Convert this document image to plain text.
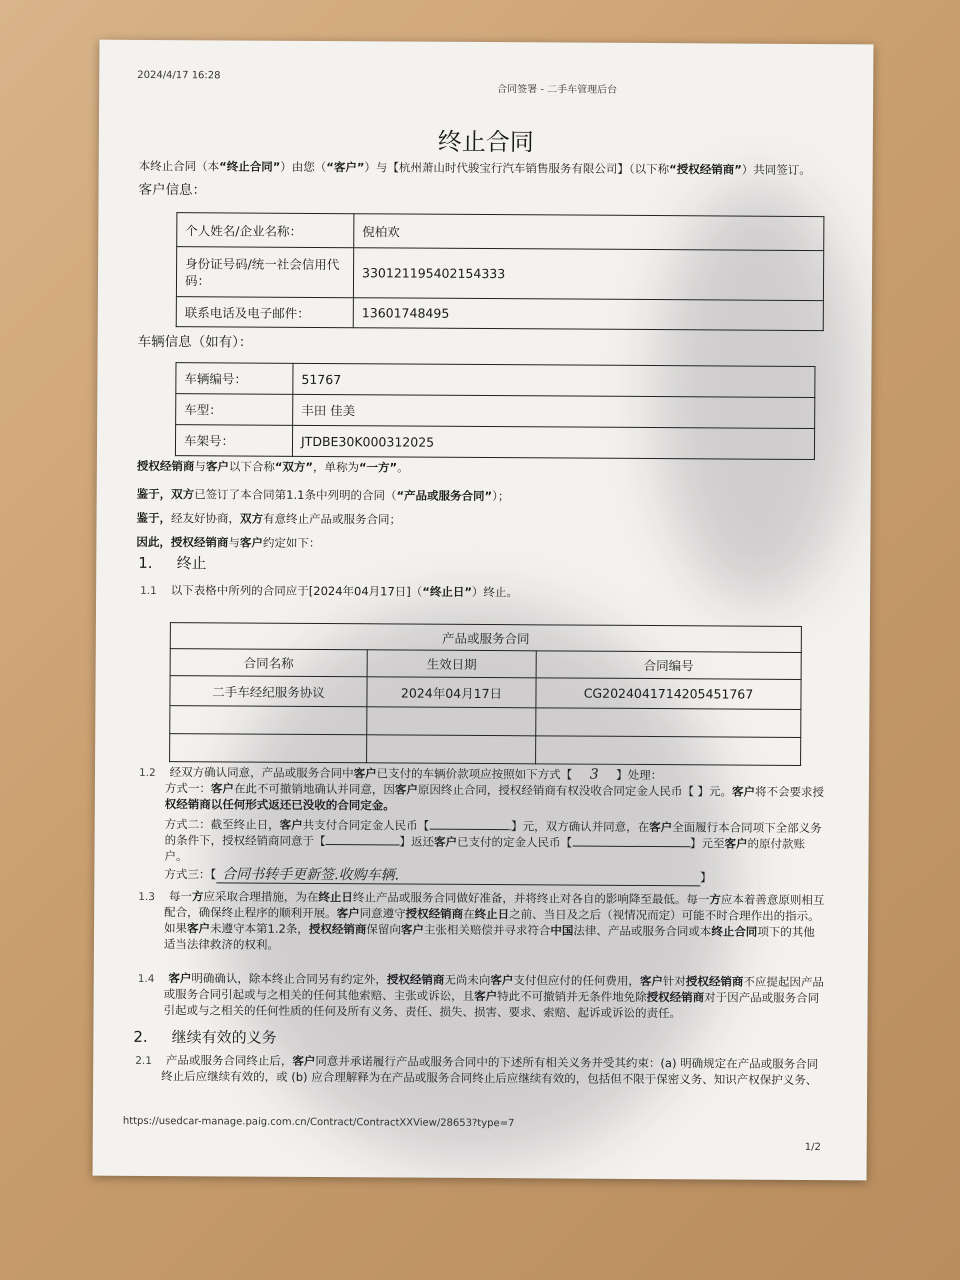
2024/4/17 16:28
合同签署 - 二手车管理后台
终止合同
本终止合同（本“终止合同”）由您（“客户”）与【杭州萧山时代骏宝行汽车销售服务有限公司】（以下称“授权经销商”）共同签订。
客户信息：
个人姓名/企业名称：	倪柏欢
身份证号码/统一社会信用代码：	330121195402154333
联系电话及电子邮件：	13601748495
车辆信息（如有）：
车辆编号：	51767
车型：	丰田 佳美
车架号：	JTDBE30K000312025
授权经销商与客户以下合称“双方”，单称为“一方”。
鉴于，双方已签订了本合同第1.1条中列明的合同（“产品或服务合同”）；
鉴于，经友好协商，双方有意终止产品或服务合同；
因此，授权经销商与客户约定如下：
1. 终止
1.1 以下表格中所列的合同应于[2024年04月17日]（“终止日”）终止。
产品或服务合同		
合同名称	生效日期	合同编号
二手车经纪服务协议	2024年04月17日	CG2024041714205451767

1.2 经双方确认同意，产品或服务合同中客户已支付的车辆价款项应按照如下方式【 3 】处理：
方式一：客户在此不可撤销地确认并同意，因客户原因终止合同，授权经销商有权没收合同定金人民币【 】元。客户将不会要求授
权经销商以任何形式返还已没收的合同定金。
方式二：截至终止日，客户共支付合同定金人民币【	】元，双方确认并同意，在客户全面履行本合同项下全部义务
的条件下，授权经销商同意于【	】返还客户已支付的定金人民币【	】元至客户的原付款账
户。
方式三：【 合同书转手更新签.收购车辆.	】
1.3 每一方应采取合理措施，为在终止日终止产品或服务合同做好准备，并将终止对各自的影响降至最低。每一方应本着善意原则相互
配合，确保终止程序的顺利开展。客户同意遵守授权经销商在终止日之前、当日及之后（视情况而定）可能不时合理作出的指示。
如果客户未遵守本第1.2条，授权经销商保留向客户主张相关赔偿并寻求符合中国法律、产品或服务合同或本终止合同项下的其他
适当法律救济的权利。
1.4 客户明确确认，除本终止合同另有约定外，授权经销商无尚未向客户支付但应付的任何费用，客户针对授权经销商不应提起因产品
或服务合同引起或与之相关的任何其他索赔、主张或诉讼，且客户特此不可撤销并无条件地免除授权经销商对于因产品或服务合同
引起或与之相关的任何性质的任何及所有义务、责任、损失、损害、要求、索赔、起诉或诉讼的责任。
2. 继续有效的义务
2.1 产品或服务合同终止后，客户同意并承诺履行产品或服务合同中的下述所有相关义务并受其约束：(a) 明确规定在产品或服务合同
终止后应继续有效的，或 (b) 应合理解释为在产品或服务合同终止后应继续有效的，包括但不限于保密义务、知识产权保护义务、
https://usedcar-manage.paig.com.cn/Contract/ContractXXView/28653?type=7
1/2
